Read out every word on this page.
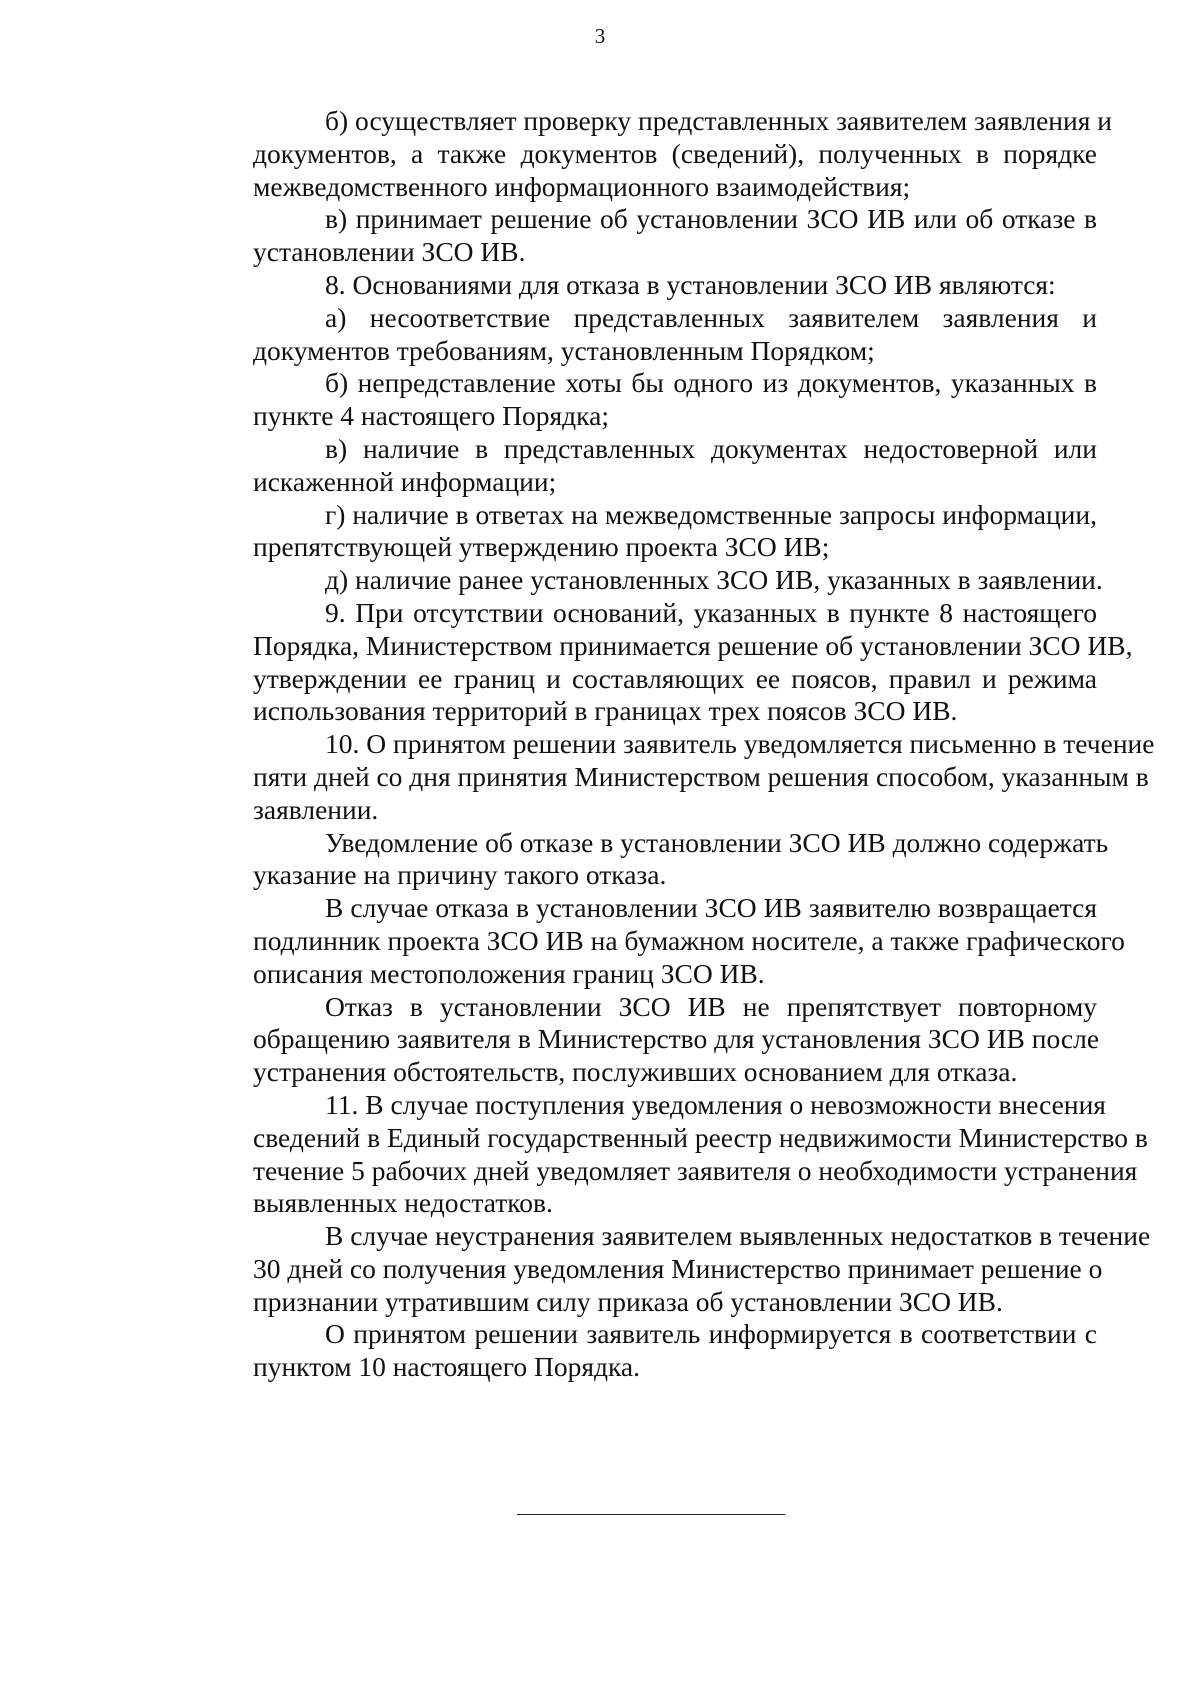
3
б) осуществляет проверку представленных заявителем заявления и
документов, а также документов (сведений), полученных в порядке
межведомственного информационного взаимодействия;
в) принимает решение об установлении ЗСО ИВ или об отказе в
установлении ЗСО ИВ.
8. Основаниями для отказа в установлении ЗСО ИВ являются:
а) несоответствие представленных заявителем заявления и
документов требованиям, установленным Порядком;
б) непредставление хоты бы одного из документов, указанных в
пункте 4 настоящего Порядка;
в) наличие в представленных документах недостоверной или
искаженной информации;
г) наличие в ответах на межведомственные запросы информации,
препятствующей утверждению проекта ЗСО ИВ;
д) наличие ранее установленных ЗСО ИВ, указанных в заявлении.
9. При отсутствии оснований, указанных в пункте 8 настоящего
Порядка, Министерством принимается решение об установлении ЗСО ИВ,
утверждении ее границ и составляющих ее поясов, правил и режима
использования территорий в границах трех поясов ЗСО ИВ.
10. О принятом решении заявитель уведомляется письменно в течение
пяти дней со дня принятия Министерством решения способом, указанным в
заявлении.
Уведомление об отказе в установлении ЗСО ИВ должно содержать
указание на причину такого отказа.
В случае отказа в установлении ЗСО ИВ заявителю возвращается
подлинник проекта ЗСО ИВ на бумажном носителе, а также графического
описания местоположения границ ЗСО ИВ.
Отказ в установлении ЗСО ИВ не препятствует повторному
обращению заявителя в Министерство для установления ЗСО ИВ после
устранения обстоятельств, послуживших основанием для отказа.
11. В случае поступления уведомления о невозможности внесения
сведений в Единый государственный реестр недвижимости Министерство в
течение 5 рабочих дней уведомляет заявителя о необходимости устранения
выявленных недостатков.
В случае неустранения заявителем выявленных недостатков в течение
30 дней со получения уведомления Министерство принимает решение о
признании утратившим силу приказа об установлении ЗСО ИВ.
О принятом решении заявитель информируется в соответствии с
пунктом 10 настоящего Порядка.
